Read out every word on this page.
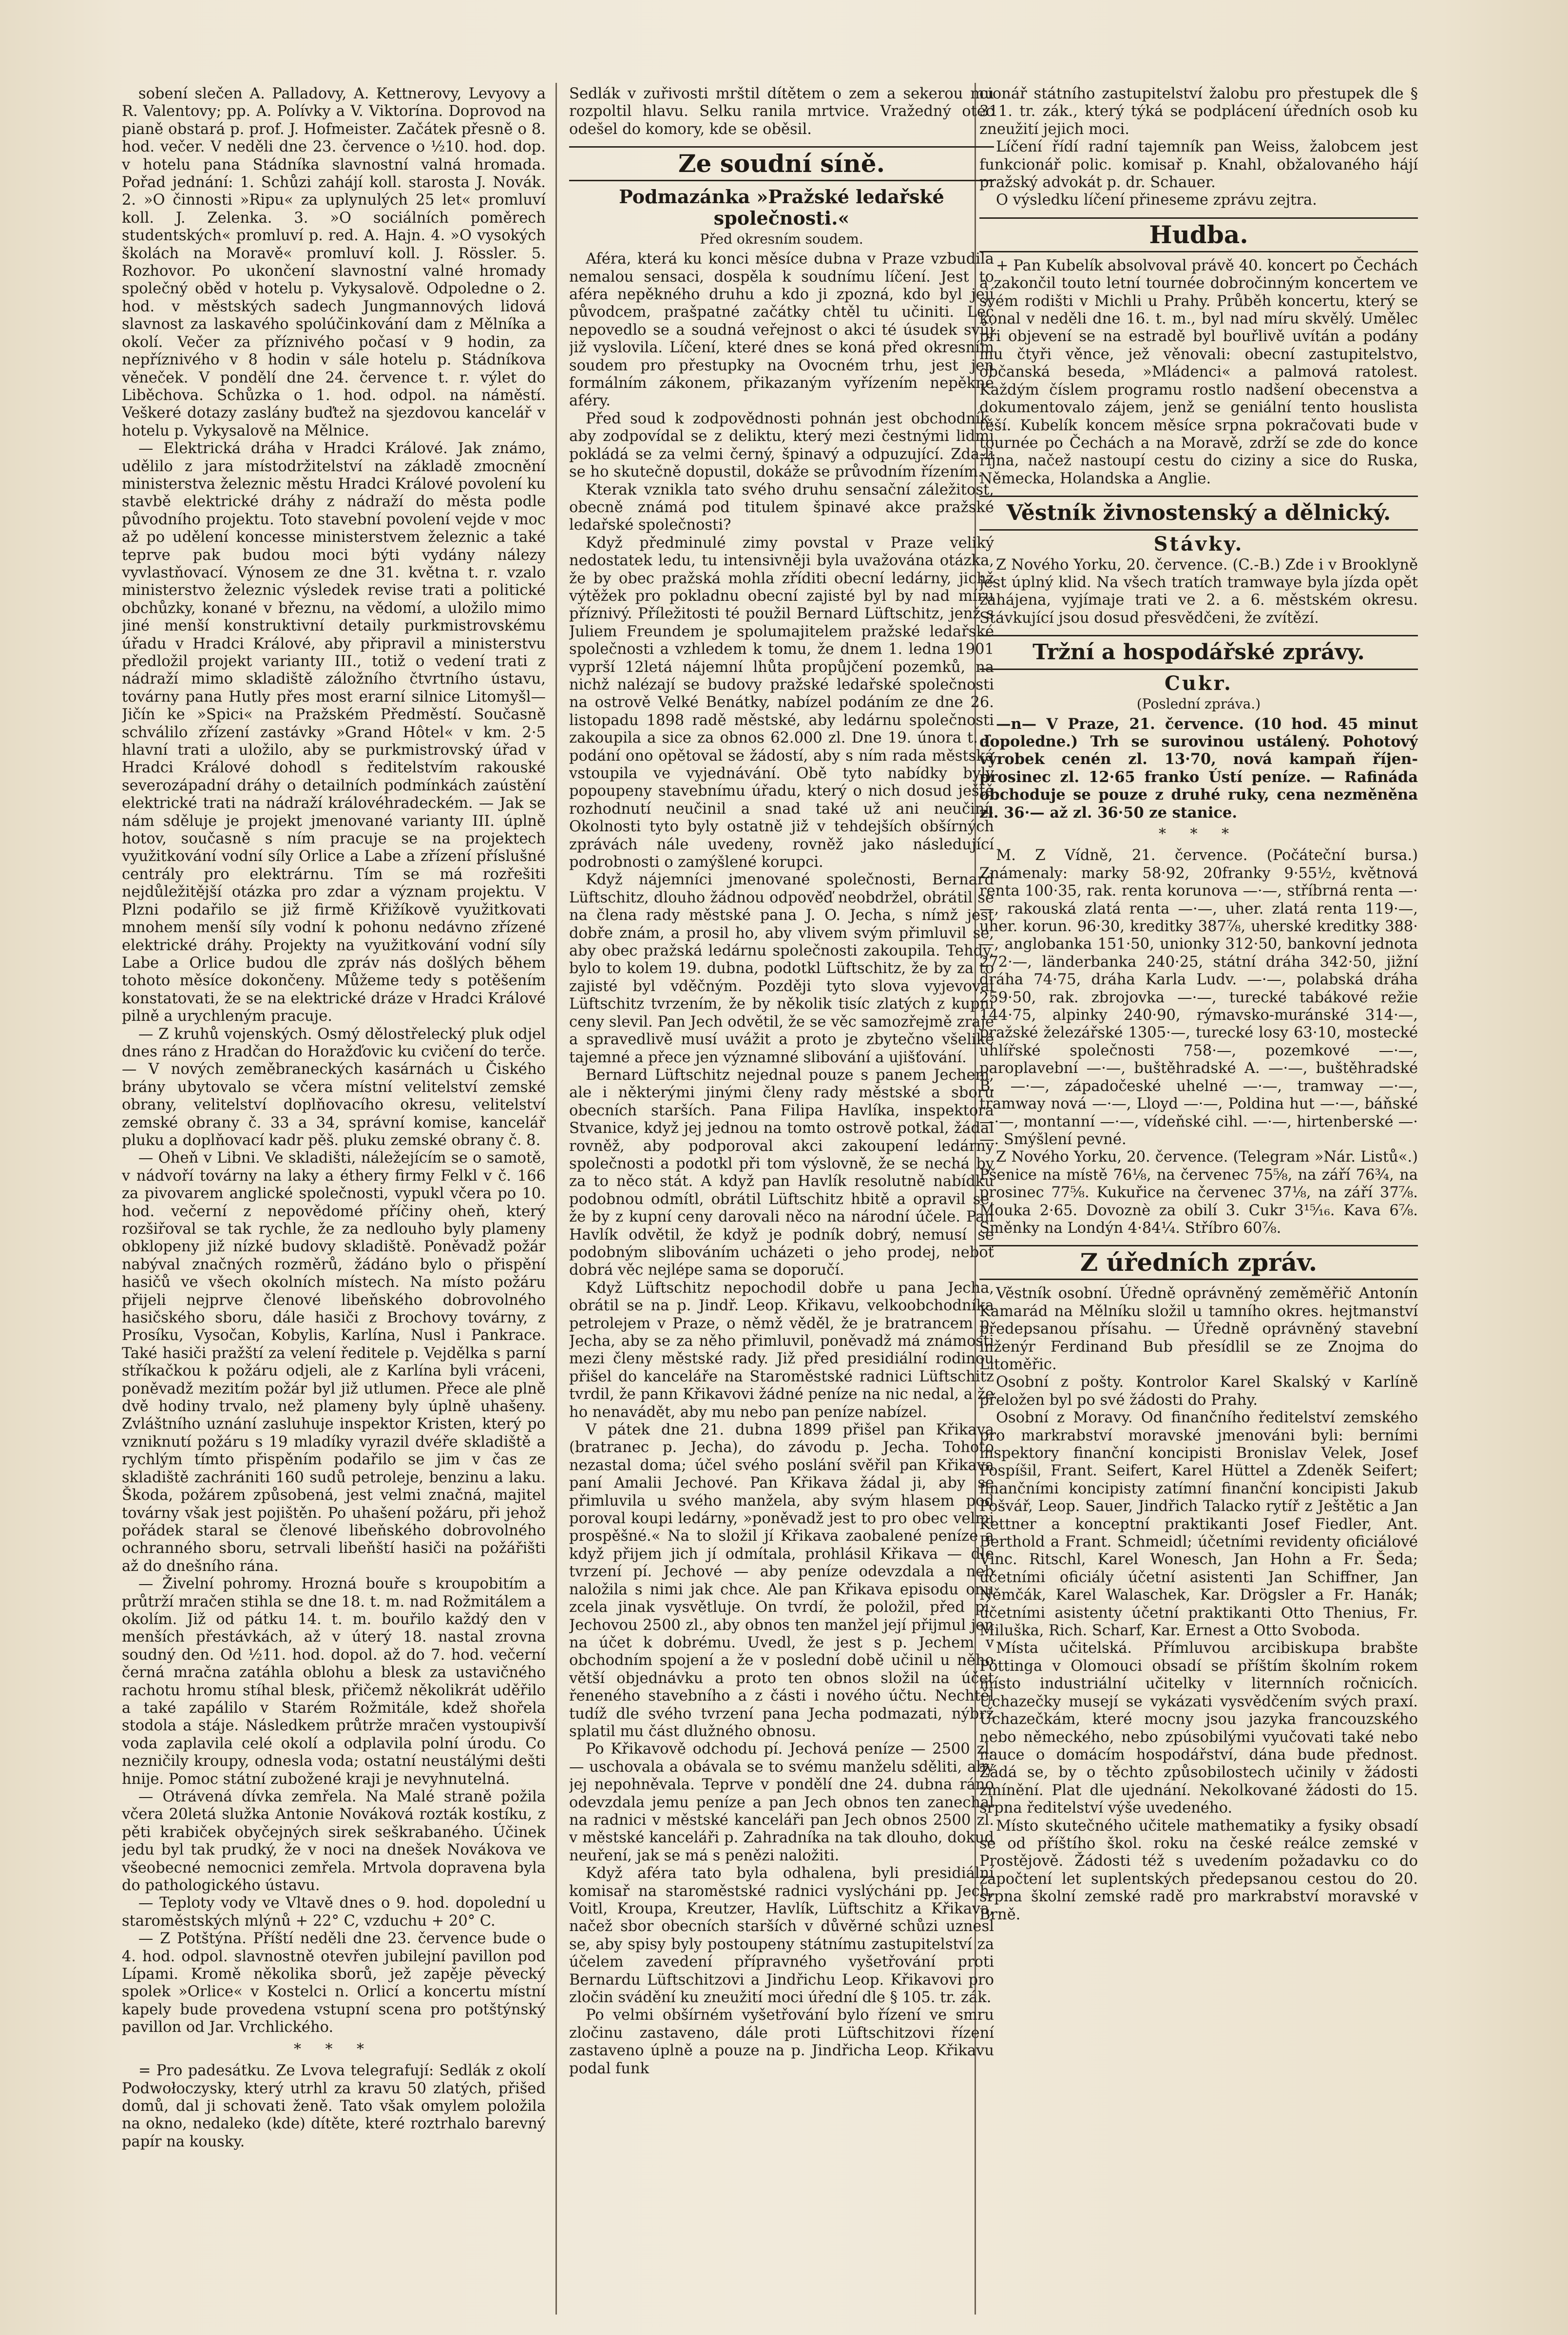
sobení slečen A. Palladovy, A. Kettnerovy, Levyovy a R. Valentovy; pp. A. Polívky a V. Viktorína. Doprovod na pianě obstará p. prof. J. Hofmeister. Začátek přesně o 8. hod. večer. V neděli dne 23. července o ½10. hod. dop. v hotelu pana Stádníka slavnostní valná hromada. Pořad jednání: 1. Schůzi zahájí koll. starosta J. Novák. 2. »O činnosti »Ripu« za uplynulých 25 let« promluví koll. J. Zelenka. 3. »O sociálních poměrech studentských« promluví p. red. A. Hajn. 4. »O vysokých školách na Moravě« promluví koll. J. Rössler. 5. Rozhovor. Po ukončení slavnostní valné hromady společný oběd v hotelu p. Vykysalově. Odpoledne o 2. hod. v městských sadech Jungmannových lidová slavnost za laskavého spolúčinkování dam z Mělníka a okolí. Večer za příznivého počasí v 9 hodin, za nepříznivého v 8 hodin v sále hotelu p. Stádníkova věneček. V pondělí dne 24. července t. r. výlet do Liběchova. Schůzka o 1. hod. odpol. na náměstí. Veškeré dotazy zaslány buďtež na sjezdovou kancelář v hotelu p. Vykysalově na Mělnice.

— Elektrická dráha v Hradci Králové. Jak známo, udělilo z jara místodržitelství na základě zmocnění ministerstva železnic městu Hradci Králové povolení ku stavbě elektrické dráhy z nádraží do města podle původního projektu. Toto stavební povolení vejde v moc až po udělení koncesse ministerstvem železnic a také teprve pak budou moci býti vydány nálezy vyvlastňovací. Výnosem ze dne 31. května t. r. vzalo ministerstvo železnic výsledek revise trati a politické obchůzky, konané v březnu, na vědomí, a uložilo mimo jiné menší konstruktivní detaily purkmistrovskému úřadu v Hradci Králové, aby připravil a ministerstvu předložil projekt varianty III., totiž o vedení trati z nádraží mimo skladiště záložního čtvrtního ústavu, továrny pana Hutly přes most erarní silnice Litomyšl—Jičín ke »Spici« na Pražském Předměstí. Současně schválilo zřízení zastávky »Grand Hôtel« v km. 2·5 hlavní trati a uložilo, aby se purkmistrovský úřad v Hradci Králové dohodl s ředitelstvím rakouské severozápadní dráhy o detailních podmínkách zaústění elektrické trati na nádraží královéhradeckém. — Jak se nám sděluje je projekt jmenované varianty III. úplně hotov, současně s ním pracuje se na projektech využitkování vodní síly Orlice a Labe a zřízení příslušné centrály pro elektrárnu. Tím se má rozřešiti nejdůležitější otázka pro zdar a význam projektu. V Plzni podařilo se již firmě Křižíkově využitkovati mnohem menší síly vodní k pohonu nedávno zřízené elektrické dráhy. Projekty na využitkování vodní síly Labe a Orlice budou dle zpráv nás došlých během tohoto měsíce dokončeny. Můžeme tedy s potěšením konstatovati, že se na elektrické dráze v Hradci Králové pilně a urychleným pracuje.

— Z kruhů vojenských. Osmý dělostřelecký pluk odjel dnes ráno z Hradčan do Horažďovic ku cvičení do terče. — V nových zeměbraneckých kasárnách u Čiského brány ubytovalo se včera místní velitelství zemské obrany, velitelství doplňovacího okresu, velitelství zemské obrany č. 33 a 34, správní komise, kancelář pluku a doplňovací kadr pěš. pluku zemské obrany č. 8.

— Oheň v Libni. Ve skladišti, náležejícím se o samotě, v nádvoří továrny na laky a éthery firmy Felkl v č. 166 za pivovarem anglické společnosti, vypukl včera po 10. hod. večerní z nepovědomé příčiny oheň, který rozšiřoval se tak rychle, že za nedlouho byly plameny obklopeny již nízké budovy skladiště. Poněvadž požár nabýval značných rozměrů, žádáno bylo o přispění hasičů ve všech okolních místech. Na místo požáru přijeli nejprve členové libeňského dobrovolného hasičského sboru, dále hasiči z Brochovy továrny, z Prosíku, Vysočan, Kobylis, Karlína, Nusl i Pankrace. Také hasiči pražští za velení ředitele p. Vejdělka s parní stříkačkou k požáru odjeli, ale z Karlína byli vráceni, poněvadž mezitím požár byl již utlumen. Přece ale plně dvě hodiny trvalo, než plameny byly úplně uhašeny. Zvláštního uznání zasluhuje inspektor Kristen, který po vzniknutí požáru s 19 mladíky vyrazil dvéře skladiště a rychlým tímto přispěním podařilo se jim v čas ze skladiště zachrániti 160 sudů petroleje, benzinu a laku. Škoda, požárem způsobená, jest velmi značná, majitel továrny však jest pojištěn. Po uhašení požáru, při jehož pořádek staral se členové libeňského dobrovolného ochranného sboru, setrvali libeňští hasiči na požářišti až do dnešního rána.

— Živelní pohromy. Hrozná bouře s kroupobitím a průtrží mračen stihla se dne 18. t. m. nad Rožmitálem a okolím. Již od pátku 14. t. m. bouřilo každý den v menších přestávkách, až v úterý 18. nastal zrovna soudný den. Od ½11. hod. dopol. až do 7. hod. večerní černá mračna zatáhla oblohu a blesk za ustavičného rachotu hromu stíhal blesk, přičemž několikrát uděřilo a také zapálilo v Starém Rožmitále, kdež shořela stodola a stáje. Následkem průtrže mračen vystoupivší voda zaplavila celé okolí a odplavila polní úrodu. Co nezničily kroupy, odnesla voda; ostatní neustálými dešti hnije. Pomoc státní zubožené kraji je nevyhnutelná.

— Otrávená dívka zemřela. Na Malé straně požila včera 20letá služka Antonie Nováková rozták kostíku, z pěti krabiček obyčejných sirek seškrabaného. Účinek jedu byl tak prudký, že v noci na dnešek Novákova ve všeobecné nemocnici zemřela. Mrtvola dopravena byla do pathologického ústavu.

— Teploty vody ve Vltavě dnes o 9. hod. dopolední u staroměstských mlýnů + 22° C, vzduchu + 20° C.

— Z Potštýna. Příští neděli dne 23. července bude o 4. hod. odpol. slavnostně otevřen jubilejní pavillon pod Lípami. Kromě několika sborů, jež zapěje pěvecký spolek »Orlice« v Kostelci n. Orlicí a koncertu místní kapely bude provedena vstupní scena pro potštýnský pavillon od Jar. Vrchlického.

* * *

= Pro padesátku. Ze Lvova telegrafují: Sedlák z okolí Podwołoczysky, který utrhl za kravu 50 zlatých, přišed domů, dal ji schovati ženě. Tato však omylem položila na okno, nedaleko (kde) dítěte, které roztrhalo barevný papír na kousky.

Sedlák v zuřivosti mrštil dítětem o zem a sekerou mu rozpoltil hlavu. Selku ranila mrtvice. Vražedný otec odešel do komory, kde se oběsil.

Ze soudní síně.
Podmazánka »Pražské ledařské společnosti.«
Před okresním soudem.

Aféra, která ku konci měsíce dubna v Praze vzbudila nemalou sensaci, dospěla k soudnímu líčení. Jest to aféra nepěkného druhu a kdo ji zpozná, kdo byl její původcem, prašpatné začátky chtěl tu učiniti. Leč nepovedlo se a soudná veřejnost o akci té úsudek svůj již vyslovila. Líčení, které dnes se koná před okresním soudem pro přestupky na Ovocném trhu, jest jen formálním zákonem, přikazaným vyřízením nepěkné aféry.

Před soud k zodpovědnosti pohnán jest obchodník, aby zodpovídal se z deliktu, který mezi čestnými lidmi pokládá se za velmi černý, špinavý a odpuzující. Zda-li se ho skutečně dopustil, dokáže se průvodním řízením.

Kterak vznikla tato svého druhu sensační záležitost, obecně známá pod titulem špinavé akce pražské ledařské společnosti?

Když předminulé zimy povstal v Praze veliký nedostatek ledu, tu intensivněji byla uvažována otázka, že by obec pražská mohla zříditi obecní ledárny, jichž výtěžek pro pokladnu obecní zajisté byl by nad míru příznivý. Příležitosti té použil Bernard Lüftschitz, jenž s Juliem Freundem je spolumajitelem pražské ledařské společnosti a vzhledem k tomu, že dnem 1. ledna 1901 vyprší 12letá nájemní lhůta propůjčení pozemků, na nichž nalézají se budovy pražské ledařské společnosti na ostrově Velké Benátky, nabízel podáním ze dne 26. listopadu 1898 radě městské, aby ledárnu společnosti zakoupila a sice za obnos 62.000 zl. Dne 19. února t. r. podání ono opětoval se žádostí, aby s ním rada městská vstoupila ve vyjednávání. Obě tyto nabídky byly popoupeny stavebnímu úřadu, který o nich dosud ještě rozhodnutí neučinil a snad také už ani neučiní. Okolnosti tyto byly ostatně již v tehdejších obšírných zprávách nále uvedeny, rovněž jako následující podrobnosti o zamýšlené korupci.

Když nájemníci jmenované společnosti, Bernard Lüftschitz, dlouho žádnou odpověď neobdržel, obrátil se na člena rady městské pana J. O. Jecha, s nímž jest dobře znám, a prosil ho, aby vlivem svým přimluvil se, aby obec pražská ledárnu společnosti zakoupila. Tehdy, bylo to kolem 19. dubna, podotkl Lüftschitz, že by za to zajisté byl vděčným. Později tyto slova vyjevoval Lüftschitz tvrzením, že by několik tisíc zlatých z kupní ceny slevil. Pan Jech odvětil, že se věc samozřejmě zraje a spravedlivě musí uvážit a proto je zbytečno všeliké tajemné a přece jen významné slibování a ujišťování.

Bernard Lüftschitz nejednal pouze s panem Jechem, ale i některými jinými členy rady městské a sboru obecních starších. Pana Filipa Havlíka, inspektora Stvanice, když jej jednou na tomto ostrově potkal, žádal rovněž, aby podporoval akci zakoupení ledárny společnosti a podotkl při tom výslovně, že se nechá by za to něco stát. A když pan Havlík resolutně nabídku podobnou odmítl, obrátil Lüftschitz hbitě a opravil se, že by z kupní ceny darovali něco na národní účele. Pan Havlík odvětil, že když je podník dobrý, nemusí se podobným slibováním ucházeti o jeho prodej, neboť dobrá věc nejlépe sama se doporučí.

Když Lüftschitz nepochodil dobře u pana Jecha, obrátil se na p. Jindř. Leop. Křikavu, velkoobchodníka petrolejem v Praze, o němž věděl, že je bratrancem p. Jecha, aby se za něho přimluvil, poněvadž má známosti mezi členy městské rady. Již před presidiální rodinou přišel do kanceláře na Staroměstské radnici Lüftschitz tvrdil, že pann Křikavovi žádné peníze na nic nedal, a že ho nenavádět, aby mu nebo pan peníze nabízel.

V pátek dne 21. dubna 1899 přišel pan Křikava (bratranec p. Jecha), do závodu p. Jecha. Tohoto nezastal doma; účel svého poslání svěřil pan Křikava paní Amalii Jechové. Pan Křikava žádal ji, aby se přimluvila u svého manžela, aby svým hlasem pod poroval koupi ledárny, »poněvadž jest to pro obec velmi prospěšné.« Na to složil jí Křikava zaobalené peníze a když přijem jich jí odmítala, prohlásil Křikava — dle tvrzení pí. Jechové — aby peníze odevzdala a neb naložila s nimi jak chce. Ale pan Křikava episodu onu zcela jinak vysvětluje. On tvrdí, že položil, před pí. Jechovou 2500 zl., aby obnos ten manžel její přijmul jen na účet k dobrému. Uvedl, že jest s p. Jechem v obchodním spojení a že v poslední době učinil u něho větší objednávku a proto ten obnos složil na účet řeneného stavebního a z části i nového účtu. Nechtěl tudíž dle svého tvrzení pana Jecha podmazati, nýbrž splatil mu část dlužného obnosu.

Po Křikavově odchodu pí. Jechová peníze — 2500 zl. — uschovala a obávala se to svému manželu sděliti, aby jej nepohněvala. Teprve v pondělí dne 24. dubna ráno odevzdala jemu peníze a pan Jech obnos ten zanechal na radnici v městské kanceláři pan Jech obnos 2500 zl. v městské kanceláři p. Zahradníka na tak dlouho, dokud neuření, jak se má s penězi naložiti.

Když aféra tato byla odhalena, byli presidiální komisař na staroměstské radnici vyslýcháni pp. Jech, Voitl, Kroupa, Kreutzer, Havlík, Lüftschitz a Křikava, načež sbor obecních starších v důvěrné schůzi uznesl se, aby spisy byly postoupeny státnímu zastupitelství za účelem zavedení přípravného vyšetřování proti Bernardu Lüftschitzovi a Jindřichu Leop. Křikavovi pro zločin svádění ku zneužití moci úřední dle § 105. tr. zák.

Po velmi obšírném vyšetřování bylo řízení ve smru zločinu zastaveno, dále proti Lüftschitzovi řízení zastaveno úplně a pouze na p. Jindřicha Leop. Křikavu podal funk

cionář státního zastupitelství žalobu pro přestupek dle § 311. tr. zák., který týká se podplácení úředních osob ku zneužití jejich moci.

Líčení řídí radní tajemník pan Weiss, žalobcem jest funkcionář polic. komisař p. Knahl, obžalovaného hájí pražský advokát p. dr. Schauer.

O výsledku líčení přineseme zprávu zejtra.

Hudba.

+ Pan Kubelík absolvoval právě 40. koncert po Čechách a zakončil touto letní tournée dobročinným koncertem ve svém rodišti v Michli u Prahy. Průběh koncertu, který se konal v neděli dne 16. t. m., byl nad míru skvělý. Umělec při objevení se na estradě byl bouřlivě uvítán a podány mu čtyři věnce, jež věnovali: obecní zastupitelstvo, občanská beseda, »Mládenci« a palmová ratolest. Každým číslem programu rostlo nadšení obecenstva a dokumentovalo zájem, jenž se geniální tento houslista těší. Kubelík koncem měsíce srpna pokračovati bude v tournée po Čechách a na Moravě, zdrží se zde do konce října, načež nastoupí cestu do ciziny a sice do Ruska, Německa, Holandska a Anglie.

Věstník živnostenský a dělnický.
Stávky.

Z Nového Yorku, 20. července. (C.-B.) Zde i v Brooklyně jest úplný klid. Na všech tratích tramwaye byla jízda opět zahájena, vyjímaje trati ve 2. a 6. městském okresu. Stávkující jsou dosud přesvědčeni, že zvítězí.

Tržní a hospodářské zprávy.
Cukr.
(Poslední zpráva.)

—n— V Praze, 21. července. (10 hod. 45 minut dopoledne.) Trh se surovinou ustálený. Pohotový výrobek cenén zl. 13·70, nová kampaň říjen-prosinec zl. 12·65 franko Ústí peníze. — Rafináda obchoduje se pouze z druhé ruky, cena nezměněna zl. 36·— až zl. 36·50 ze stanice.

* * *

M. Z Vídně, 21. července. (Počáteční bursa.) Známenaly: marky 58·92, 20franky 9·55½, květnová renta 100·35, rak. renta korunova —·—, stříbrná renta —·—, rakouská zlatá renta —·—, uher. zlatá renta 119·—, uher. korun. 96·30, kreditky 387⅞, uherské kreditky 388·—, anglobanka 151·50, unionky 312·50, bankovní jednota 272·—, länderbanka 240·25, státní dráha 342·50, jižní dráha 74·75, dráha Karla Ludv. —·—, polabská dráha 259·50, rak. zbrojovka —·—, turecké tabákové režie 144·75, alpinky 240·90, rýmavsko-muránské 314·—, pražské železářské 1305·—, turecké losy 63·10, mostecké uhlířské společnosti 758·—, pozemkové —·—, paroplavební —·—, buštěhradské A. —·—, buštěhradské B. —·—, západočeské uhelné —·—, tramway —·—, tramway nová —·—, Lloyd —·—, Poldina hut —·—, báňské —·—, montanní —·—, vídeňské cihl. —·—, hirtenberské —·—. Smýšlení pevné.

Z Nového Yorku, 20. července. (Telegram »Nár. Listů«.) Pšenice na místě 76⅛, na červenec 75⅝, na září 76¾, na prosinec 77⅝. Kukuřice na červenec 37⅛, na září 37⅞. Mouka 2·65. Dovoznè za obilí 3. Cukr 3¹⁵⁄₁₆. Kava 6⅞. Směnky na Londýn 4·84¼. Stříbro 60⅞.

Z úředních zpráv.

Věstník osobní. Úředně oprávněný zeměměřič Antonín Kamarád na Mělníku složil u tamního okres. hejtmanství předepsanou přísahu. — Úředně oprávněný stavební inženýr Ferdinand Bub přesídlil se ze Znojma do Litoměřic.

Osobní z pošty. Kontrolor Karel Skalský v Karlíně přeložen byl po své žádosti do Prahy.

Osobní z Moravy. Od finančního ředitelství zemského pro markrabství moravské jmenováni byli: berními inspektory finanční koncipisti Bronislav Velek, Josef Pospíšil, Frant. Seifert, Karel Hüttel a Zdeněk Seifert; finančními koncipisty zatímní finanční koncipisti Jakub Pošvář, Leop. Sauer, Jindřich Talacko rytíř z Ještětic a Jan Kettner a konceptní praktikanti Josef Fiedler, Ant. Berthold a Frant. Schmeidl; účetními revidenty oficiálové Vinc. Ritschl, Karel Wonesch, Jan Hohn a Fr. Šeda; účetními oficiály účetní asistenti Jan Schiffner, Jan Němčák, Karel Walaschek, Kar. Drögsler a Fr. Hanák; účetními asistenty účetní praktikanti Otto Thenius, Fr. Miluška, Rich. Scharf, Kar. Ernest a Otto Svoboda.

Místa učitelská. Přímluvou arcibiskupa brabšte Pöttinga v Olomouci obsadí se příštím školním rokem místo industriální učitelky v liternních ročnicích. Uchazečky musejí se vykázati vysvědčením svých praxí. Uchazečkám, které mocny jsou jazyka francouzského nebo německého, nebo zpúsobilými vyučovati také nebo nauce o domácím hospodářství, dána bude přednost. Žádá se, by o těchto způsobilostech učinily v žádosti zmínění. Plat dle ujednání. Nekolkované žádosti do 15. srpna ředitelství výše uvedeného.

Místo skutečného učitele mathematiky a fysiky obsadí se od příštího škol. roku na české reálce zemské v Prostějově. Žádosti též s uvedením požadavku co do započtení let suplentských předepsanou cestou do 20. srpna školní zemské radě pro markrabství moravské v Brně.
